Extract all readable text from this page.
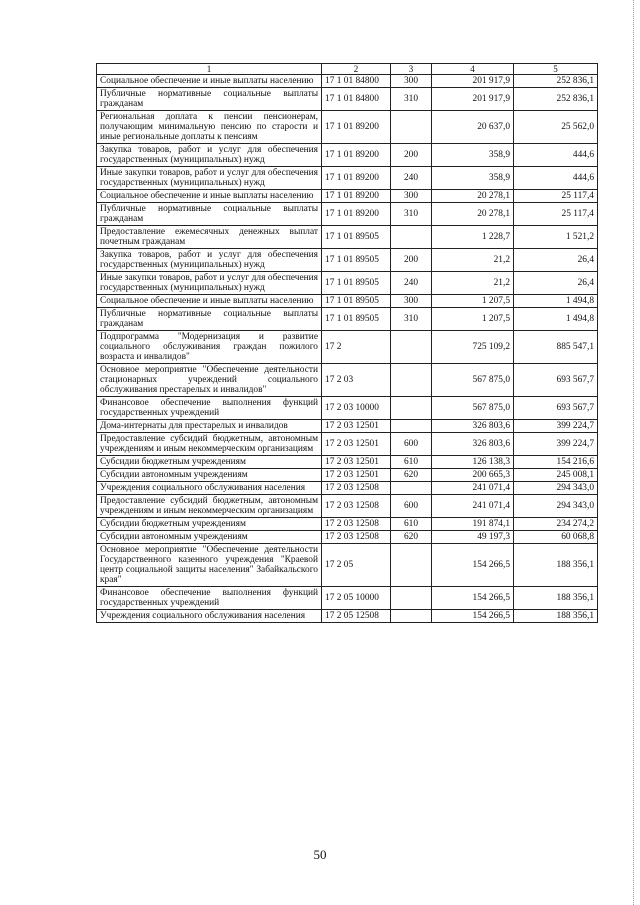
1	2	3	4	5
Социальное обеспечение и иные выплаты населению	17 1 01 84800	300	201 917,9	252 836,1
Публичные нормативные социальные выплаты гражданам	17 1 01 84800	310	201 917,9	252 836,1
Региональная доплата к пенсии пенсионерам, получающим минимальную пенсию по старости и иные региональные доплаты к пенсиям	17 1 01 89200		20 637,0	25 562,0
Закупка товаров, работ и услуг для обеспечения государственных (муниципальных) нужд	17 1 01 89200	200	358,9	444,6
Иные закупки товаров, работ и услуг для обеспечения государственных (муниципальных) нужд	17 1 01 89200	240	358,9	444,6
Социальное обеспечение и иные выплаты населению	17 1 01 89200	300	20 278,1	25 117,4
Публичные нормативные социальные выплаты гражданам	17 1 01 89200	310	20 278,1	25 117,4
Предоставление ежемесячных денежных выплат почетным гражданам	17 1 01 89505		1 228,7	1 521,2
Закупка товаров, работ и услуг для обеспечения государственных (муниципальных) нужд	17 1 01 89505	200	21,2	26,4
Иные закупки товаров, работ и услуг для обеспечения государственных (муниципальных) нужд	17 1 01 89505	240	21,2	26,4
Социальное обеспечение и иные выплаты населению	17 1 01 89505	300	1 207,5	1 494,8
Публичные нормативные социальные выплаты гражданам	17 1 01 89505	310	1 207,5	1 494,8
Подпрограмма "Модернизация и развитие социального обслуживания граждан пожилого возраста и инвалидов"	17 2		725 109,2	885 547,1
Основное мероприятие "Обеспечение деятельности стационарных учреждений социального обслуживания престарелых и инвалидов"	17 2 03		567 875,0	693 567,7
Финансовое обеспечение выполнения функций государственных учреждений	17 2 03 10000		567 875,0	693 567,7
Дома-интернаты для престарелых и инвалидов	17 2 03 12501		326 803,6	399 224,7
Предоставление субсидий бюджетным, автономным учреждениям и иным некоммерческим организациям	17 2 03 12501	600	326 803,6	399 224,7
Субсидии бюджетным учреждениям	17 2 03 12501	610	126 138,3	154 216,6
Субсидии автономным учреждениям	17 2 03 12501	620	200 665,3	245 008,1
Учреждения социального обслуживания населения	17 2 03 12508		241 071,4	294 343,0
Предоставление субсидий бюджетным, автономным учреждениям и иным некоммерческим организациям	17 2 03 12508	600	241 071,4	294 343,0
Субсидии бюджетным учреждениям	17 2 03 12508	610	191 874,1	234 274,2
Субсидии автономным учреждениям	17 2 03 12508	620	49 197,3	60 068,8
Основное мероприятие "Обеспечение деятельности Государственного казенного учреждения "Краевой центр социальной защиты населения" Забайкальского края"	17 2 05		154 266,5	188 356,1
Финансовое обеспечение выполнения функций государственных учреждений	17 2 05 10000		154 266,5	188 356,1
Учреждения социального обслуживания населения	17 2 05 12508		154 266,5	188 356,1
50
